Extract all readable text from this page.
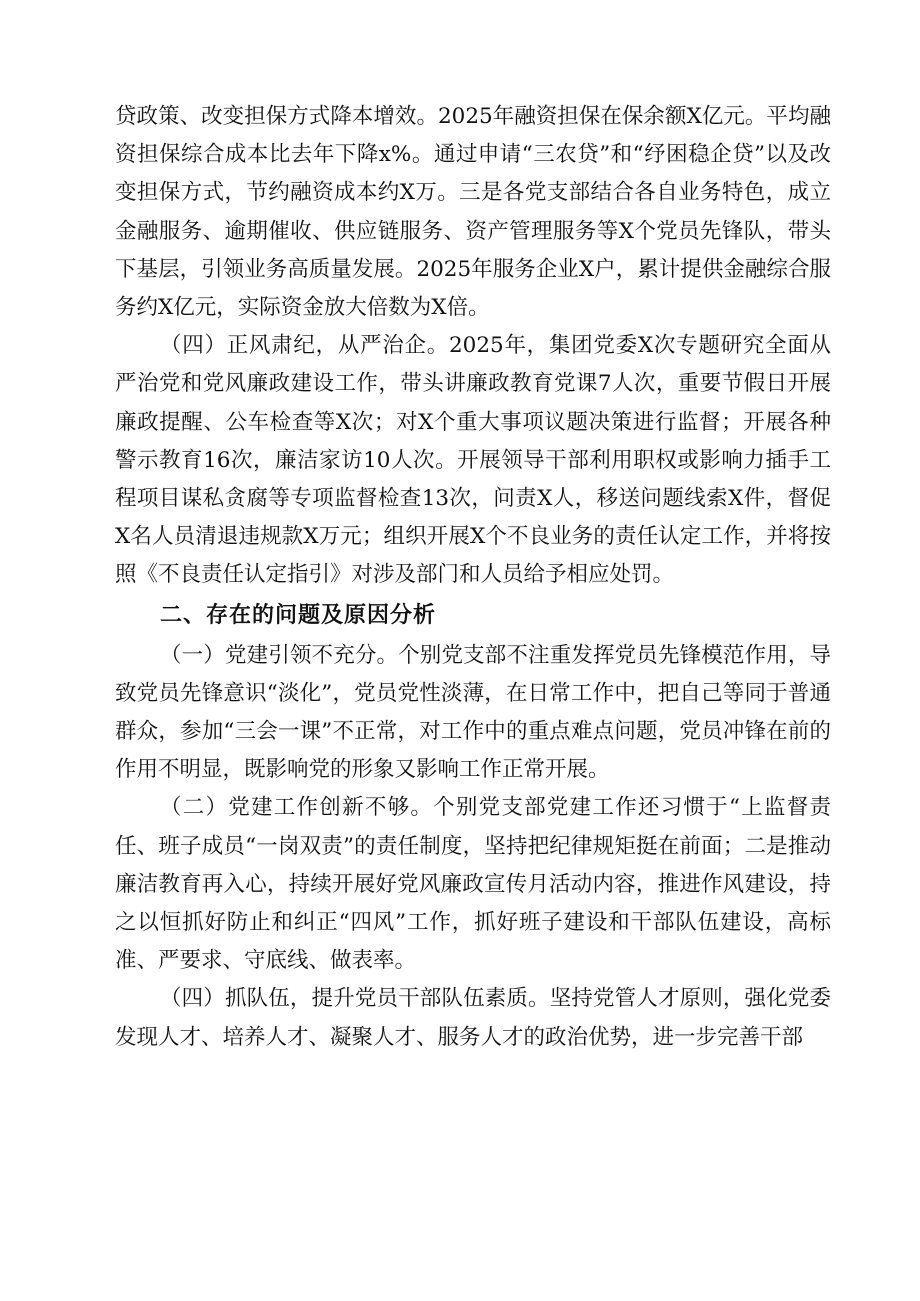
贷政策、改变担保方式降本增效。2025年融资担保在保余额X亿元。平均融资担保综合成本比去年下降x%。通过申请“三农贷”和“纾困稳企贷”以及改变担保方式，节约融资成本约X万。三是各党支部结合各自业务特色，成立金融服务、逾期催收、供应链服务、资产管理服务等X个党员先锋队，带头下基层，引领业务高质量发展。2025年服务企业X户，累计提供金融综合服务约X亿元，实际资金放大倍数为X倍。

（四）正风肃纪，从严治企。2025年，集团党委X次专题研究全面从严治党和党风廉政建设工作，带头讲廉政教育党课7人次，重要节假日开展廉政提醒、公车检查等X次；对X个重大事项议题决策进行监督；开展各种警示教育16次，廉洁家访10人次。开展领导干部利用职权或影响力插手工程项目谋私贪腐等专项监督检查13次，问责X人，移送问题线索X件，督促X名人员清退违规款X万元；组织开展X个不良业务的责任认定工作，并将按照《不良责任认定指引》对涉及部门和人员给予相应处罚。

二、存在的问题及原因分析

（一）党建引领不充分。个别党支部不注重发挥党员先锋模范作用，导致党员先锋意识“淡化”，党员党性淡薄，在日常工作中，把自己等同于普通群众，参加“三会一课”不正常，对工作中的重点难点问题，党员冲锋在前的作用不明显，既影响党的形象又影响工作正常开展。

（二）党建工作创新不够。个别党支部党建工作还习惯于“上监督责任、班子成员“一岗双责”的责任制度，坚持把纪律规矩挺在前面；二是推动廉洁教育再入心，持续开展好党风廉政宣传月活动内容，推进作风建设，持之以恒抓好防止和纠正“四风”工作，抓好班子建设和干部队伍建设，高标准、严要求、守底线、做表率。

（四）抓队伍，提升党员干部队伍素质。坚持党管人才原则，强化党委发现人才、培养人才、凝聚人才、服务人才的政治优势，进一步完善干部
